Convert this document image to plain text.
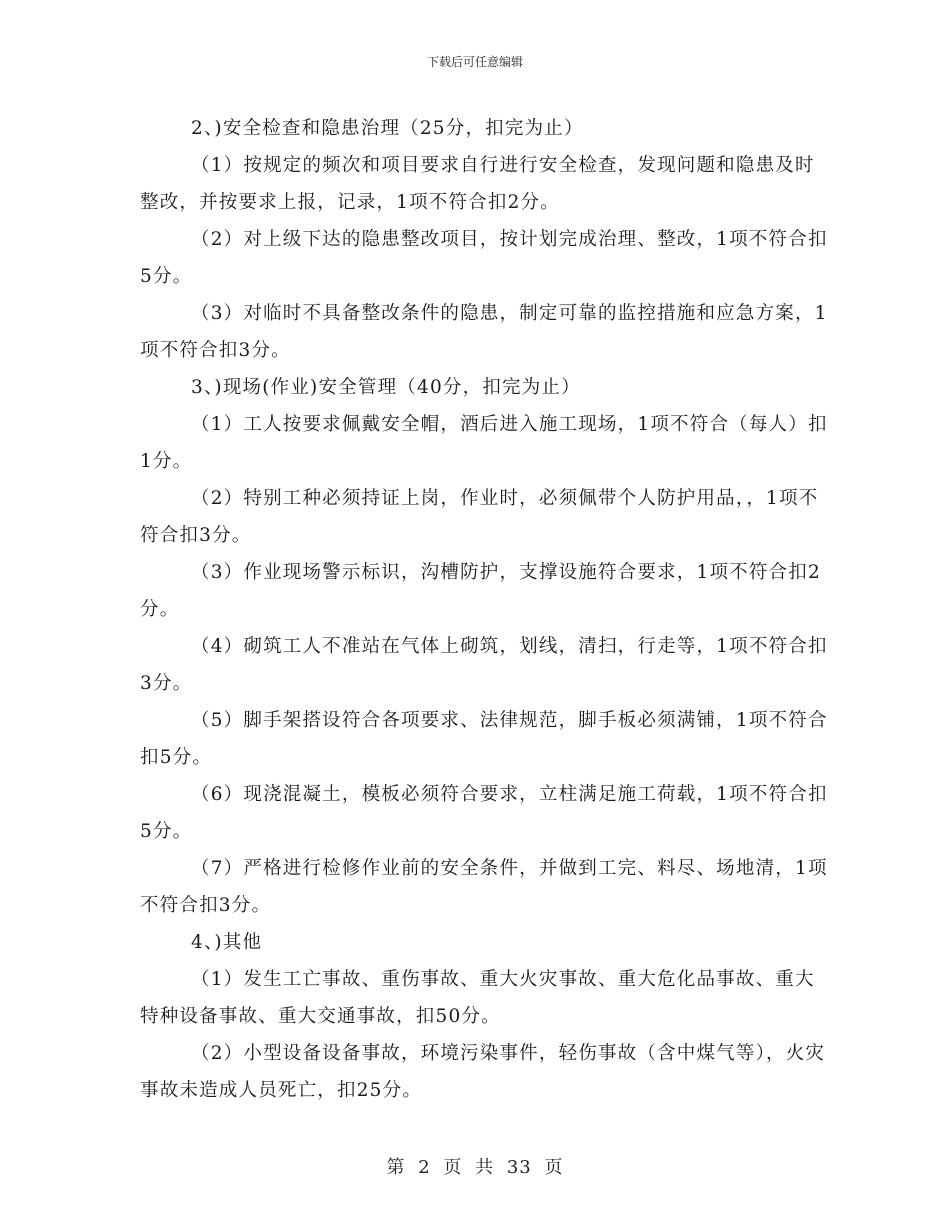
下载后可任意编辑

2、)安全检查和隐患治理（25分，扣完为止）

（1）按规定的频次和项目要求自行进行安全检查，发现问题和隐患及时整改，并按要求上报，记录，1项不符合扣2分。

（2）对上级下达的隐患整改项目，按计划完成治理、整改，1项不符合扣5分。

（3）对临时不具备整改条件的隐患，制定可靠的监控措施和应急方案，1项不符合扣3分。

3、)现场(作业)安全管理（40分，扣完为止）

（1）工人按要求佩戴安全帽，酒后进入施工现场，1项不符合（每人）扣1分。

（2）特别工种必须持证上岗，作业时，必须佩带个人防护用品，，1项不符合扣3分。

（3）作业现场警示标识，沟槽防护，支撑设施符合要求，1项不符合扣2分。

（4）砌筑工人不准站在气体上砌筑，划线，清扫，行走等，1项不符合扣3分。

（5）脚手架搭设符合各项要求、法律规范，脚手板必须满铺，1项不符合扣5分。

（6）现浇混凝土，模板必须符合要求，立柱满足施工荷载，1项不符合扣5分。

（7）严格进行检修作业前的安全条件，并做到工完、料尽、场地清，1项不符合扣3分。

4、)其他

（1）发生工亡事故、重伤事故、重大火灾事故、重大危化品事故、重大特种设备事故、重大交通事故，扣50分。

（2）小型设备设备事故，环境污染事件，轻伤事故（含中煤气等），火灾事故未造成人员死亡，扣25分。

第 2 页 共 33 页
